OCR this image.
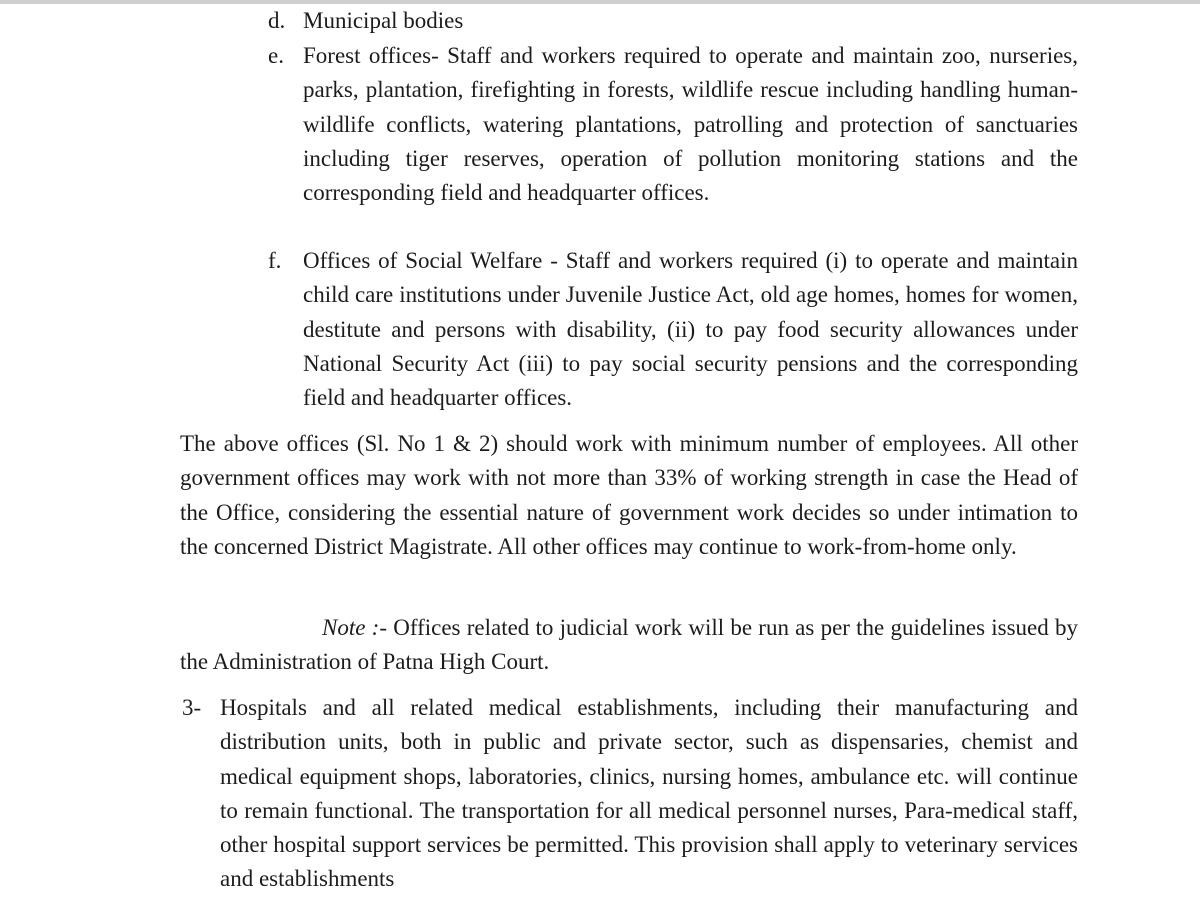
d. Municipal bodies
e. Forest offices- Staff and workers required to operate and maintain zoo, nurseries, parks, plantation, firefighting in forests, wildlife rescue including handling human- wildlife conflicts, watering plantations, patrolling and protection of sanctuaries including tiger reserves, operation of pollution monitoring stations and the corresponding field and headquarter offices.
f. Offices of Social Welfare - Staff and workers required (i) to operate and maintain child care institutions under Juvenile Justice Act, old age homes, homes for women, destitute and persons with disability, (ii) to pay food security allowances under National Security Act (iii) to pay social security pensions and the corresponding field and headquarter offices.
The above offices (Sl. No 1 & 2) should work with minimum number of employees. All other government offices may work with not more than 33% of working strength in case the Head of the Office, considering the essential nature of government work decides so under intimation to the concerned District Magistrate. All other offices may continue to work-from-home only.
Note :- Offices related to judicial work will be run as per the guidelines issued by the Administration of Patna High Court.
3- Hospitals and all related medical establishments, including their manufacturing and distribution units, both in public and private sector, such as dispensaries, chemist and medical equipment shops, laboratories, clinics, nursing homes, ambulance etc. will continue to remain functional. The transportation for all medical personnel nurses, Para-medical staff, other hospital support services be permitted. This provision shall apply to veterinary services and establishments
